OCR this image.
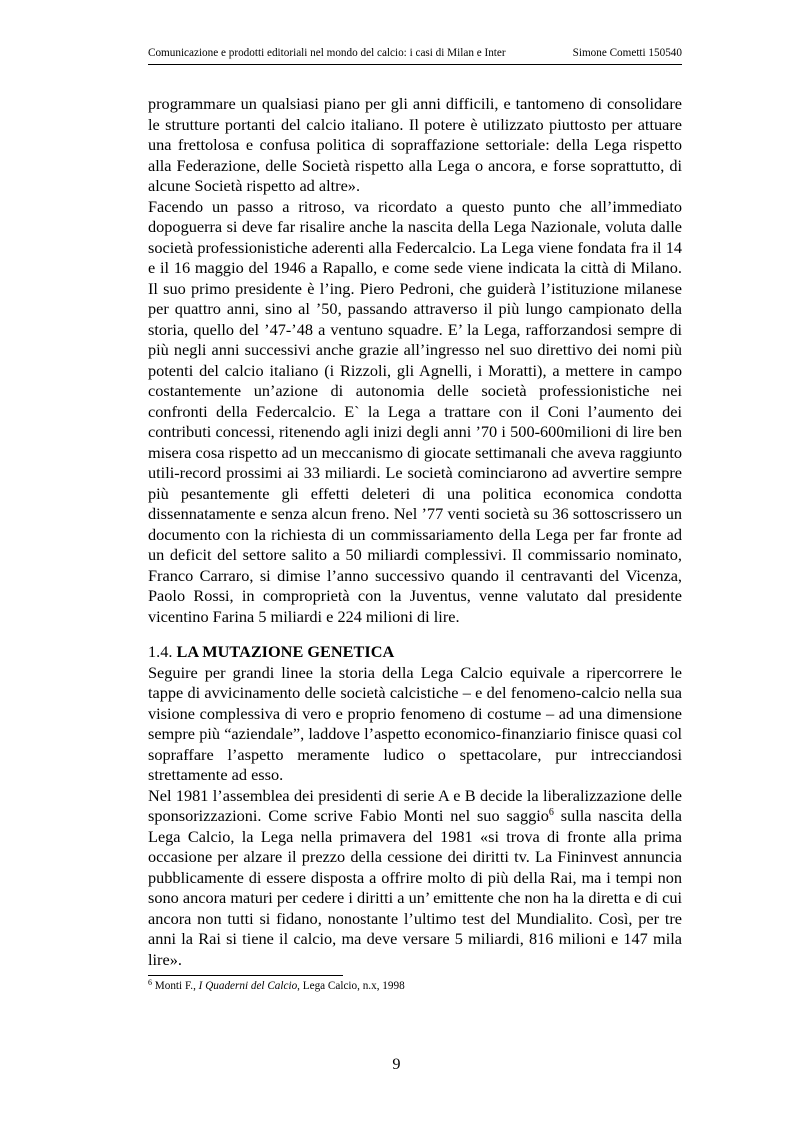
Comunicazione e prodotti editoriali nel mondo del calcio: i casi di Milan e Inter	Simone Cometti 150540

programmare un qualsiasi piano per gli anni difficili, e tantomeno di consolidare le strutture portanti del calcio italiano. Il potere è utilizzato piuttosto per attuare una frettolosa e confusa politica di sopraffazione settoriale: della Lega rispetto alla Federazione, delle Società rispetto alla Lega o ancora, e forse soprattutto, di alcune Società rispetto ad altre».

Facendo un passo a ritroso, va ricordato a questo punto che all’immediato dopoguerra si deve far risalire anche la nascita della Lega Nazionale, voluta dalle società professionistiche aderenti alla Federcalcio. La Lega viene fondata fra il 14 e il 16 maggio del 1946 a Rapallo, e come sede viene indicata la città di Milano. Il suo primo presidente è l’ing. Piero Pedroni, che guiderà l’istituzione milanese per quattro anni, sino al ’50, passando attraverso il più lungo campionato della storia, quello del ’47-’48 a ventuno squadre. E’ la Lega, rafforzandosi sempre di più negli anni successivi anche grazie all’ingresso nel suo direttivo dei nomi più potenti del calcio italiano (i Rizzoli, gli Agnelli, i Moratti), a mettere in campo costantemente un’azione di autonomia delle società professionistiche nei confronti della Federcalcio. E` la Lega a trattare con il Coni l’aumento dei contributi concessi, ritenendo agli inizi degli anni ’70 i 500-600milioni di lire ben misera cosa rispetto ad un meccanismo di giocate settimanali che aveva raggiunto utili-record prossimi ai 33 miliardi. Le società cominciarono ad avvertire sempre più pesantemente gli effetti deleteri di una politica economica condotta dissennatamente e senza alcun freno. Nel ’77 venti società su 36 sottoscrissero un documento con la richiesta di un commissariamento della Lega per far fronte ad un deficit del settore salito a 50 miliardi complessivi. Il commissario nominato, Franco Carraro, si dimise l’anno successivo quando il centravanti del Vicenza, Paolo Rossi, in comproprietà con la Juventus, venne valutato dal presidente vicentino Farina 5 miliardi e 224 milioni di lire.

1.4. LA MUTAZIONE GENETICA

Seguire per grandi linee la storia della Lega Calcio equivale a ripercorrere le tappe di avvicinamento delle società calcistiche – e del fenomeno-calcio nella sua visione complessiva di vero e proprio fenomeno di costume – ad una dimensione sempre più “aziendale”, laddove l’aspetto economico-finanziario finisce quasi col sopraffare l’aspetto meramente ludico o spettacolare, pur intrecciandosi strettamente ad esso.

Nel 1981 l’assemblea dei presidenti di serie A e B decide la liberalizzazione delle sponsorizzazioni. Come scrive Fabio Monti nel suo saggio$^6$ sulla nascita della Lega Calcio, la Lega nella primavera del 1981 «si trova di fronte alla prima occasione per alzare il prezzo della cessione dei diritti tv. La Fininvest annuncia pubblicamente di essere disposta a offrire molto di più della Rai, ma i tempi non sono ancora maturi per cedere i diritti a un’ emittente che non ha la diretta e di cui ancora non tutti si fidano, nonostante l’ultimo test del Mundialito. Così, per tre anni la Rai si tiene il calcio, ma deve versare 5 miliardi, 816 milioni e 147 mila lire».

$^6$ Monti F., I Quaderni del Calcio, Lega Calcio, n.x, 1998
9
